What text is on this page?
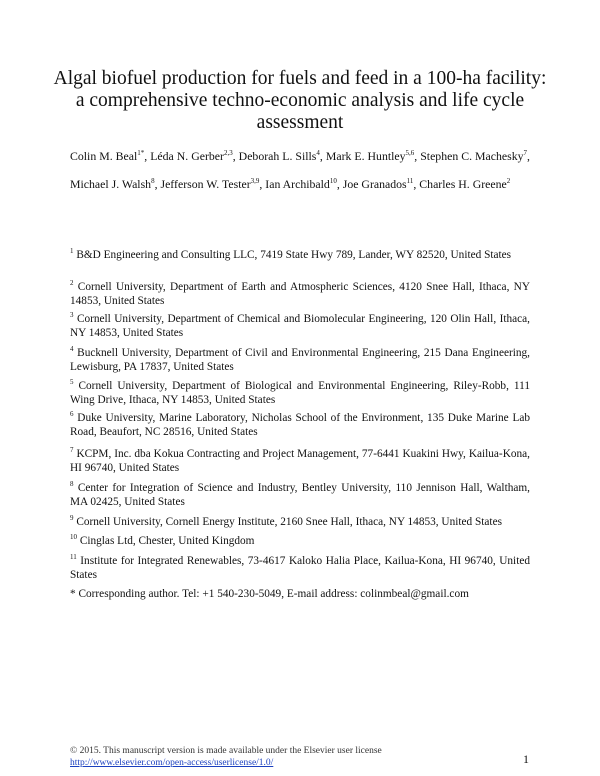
Algal biofuel production for fuels and feed in a 100-ha facility: a comprehensive techno-economic analysis and life cycle assessment
Colin M. Beal$^{1*}$, Léda N. Gerber$^{2,3}$, Deborah L. Sills$^4$, Mark E. Huntley$^{5,6}$, Stephen C. Machesky$^7$, Michael J. Walsh$^8$, Jefferson W. Tester$^{3,9}$, Ian Archibald$^{10}$, Joe Granados$^{11}$, Charles H. Greene$^2$
$^1$ B&D Engineering and Consulting LLC, 7419 State Hwy 789, Lander, WY 82520, United States
$^2$ Cornell University, Department of Earth and Atmospheric Sciences, 4120 Snee Hall, Ithaca, NY 14853, United States
$^3$ Cornell University, Department of Chemical and Biomolecular Engineering, 120 Olin Hall, Ithaca, NY 14853, United States
$^4$ Bucknell University, Department of Civil and Environmental Engineering, 215 Dana Engineering, Lewisburg, PA 17837, United States
$^5$ Cornell University, Department of Biological and Environmental Engineering, Riley-Robb, 111 Wing Drive, Ithaca, NY 14853, United States
$^6$ Duke University, Marine Laboratory, Nicholas School of the Environment, 135 Duke Marine Lab Road, Beaufort, NC 28516, United States
$^7$ KCPM, Inc. dba Kokua Contracting and Project Management, 77-6441 Kuakini Hwy, Kailua-Kona, HI 96740, United States
$^8$ Center for Integration of Science and Industry, Bentley University, 110 Jennison Hall, Waltham, MA 02425, United States
$^9$ Cornell University, Cornell Energy Institute, 2160 Snee Hall, Ithaca, NY 14853, United States
$^{10}$ Cinglas Ltd, Chester, United Kingdom
$^{11}$ Institute for Integrated Renewables, 73-4617 Kaloko Halia Place, Kailua-Kona, HI 96740, United States
* Corresponding author. Tel: +1 540-230-5049, E-mail address: colinmbeal@gmail.com
© 2015. This manuscript version is made available under the Elsevier user license
http://www.elsevier.com/open-access/userlicense/1.0/	1
